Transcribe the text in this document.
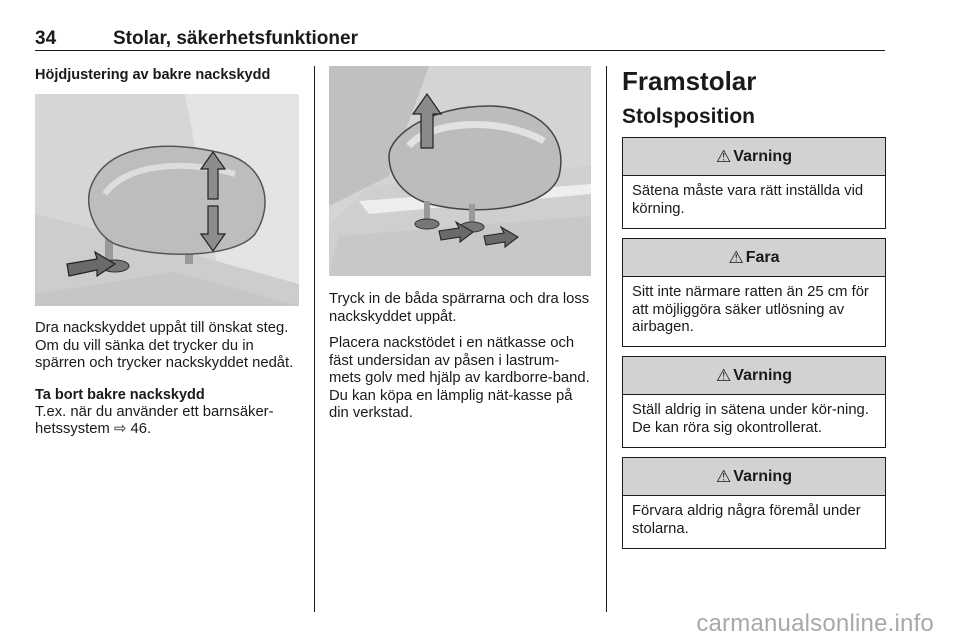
34	Stolar, säkerhetsfunktioner

Höjdjustering av bakre nackskydd

Dra nackskyddet uppåt till önskat steg. Om du vill sänka det trycker du in spärren och trycker nackskyddet nedåt.

Ta bort bakre nackskydd

T.ex. när du använder ett barnsäker-hetssystem ⇨ 46.

Tryck in de båda spärrarna och dra loss nackskyddet uppåt.

Placera nackstödet i en nätkasse och fäst undersidan av påsen i lastrum-mets golv med hjälp av kardborre-band. Du kan köpa en lämplig nät-kasse på din verkstad.

Framstolar

Stolsposition

⚠ Varning
Sätena måste vara rätt inställda vid körning.
⚠ Fara
Sitt inte närmare ratten än 25 cm för att möjliggöra säker utlösning av airbagen.
⚠ Varning
Ställ aldrig in sätena under kör-ning. De kan röra sig okontrollerat.
⚠ Varning
Förvara aldrig några föremål under stolarna.
carmanualsonline.info
